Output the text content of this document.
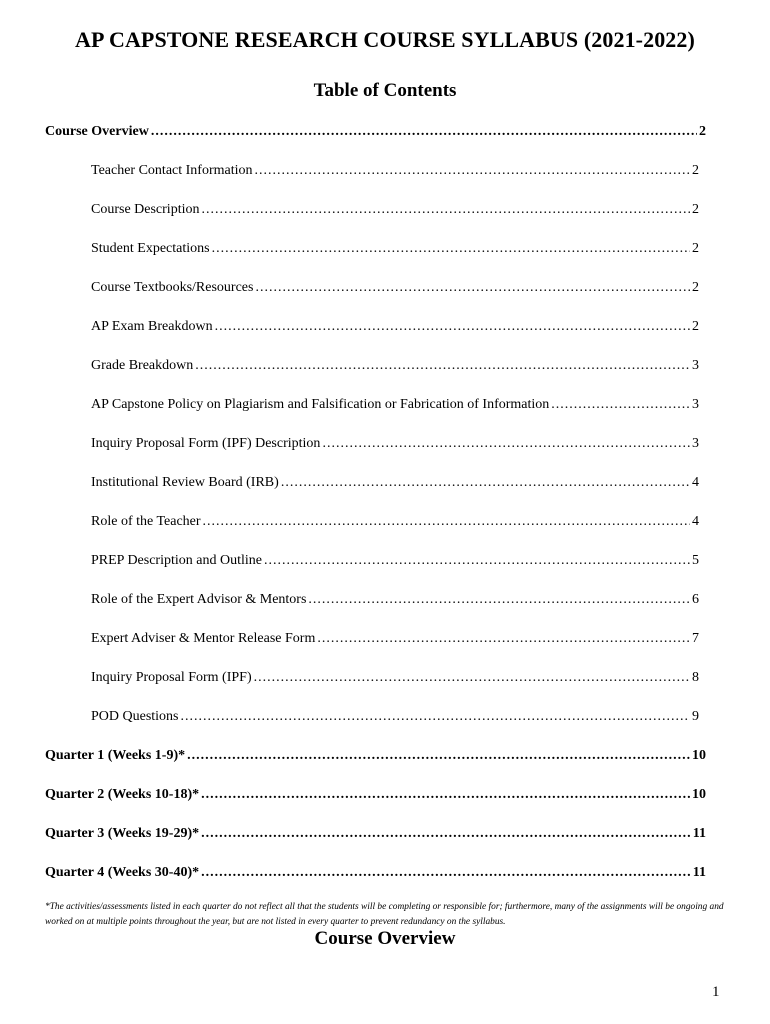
AP CAPSTONE RESEARCH COURSE SYLLABUS (2021-2022)
Table of Contents
Course Overview .....	2
Teacher Contact Information .....	2
Course Description .....	2
Student Expectations .....	2
Course Textbooks/Resources .....	2
AP Exam Breakdown .....	2
Grade Breakdown .....	3
AP Capstone Policy on Plagiarism and Falsification or Fabrication of Information .....	3
Inquiry Proposal Form (IPF) Description .....	3
Institutional Review Board (IRB) .....	4
Role of the Teacher .....	4
PREP Description and Outline .....	5
Role of the Expert Advisor & Mentors .....	6
Expert Adviser & Mentor Release Form .....	7
Inquiry Proposal Form (IPF) .....	8
POD Questions .....	9
Quarter 1 (Weeks 1-9)* .....	10
Quarter 2 (Weeks 10-18)* .....	10
Quarter 3 (Weeks 19-29)* .....	11
Quarter 4 (Weeks 30-40)* .....	11
*The activities/assessments listed in each quarter do not reflect all that the students will be completing or responsible for; furthermore, many of the assignments will be ongoing and worked on at multiple points throughout the year, but are not listed in every quarter to prevent redundancy on the syllabus.
Course Overview
1
